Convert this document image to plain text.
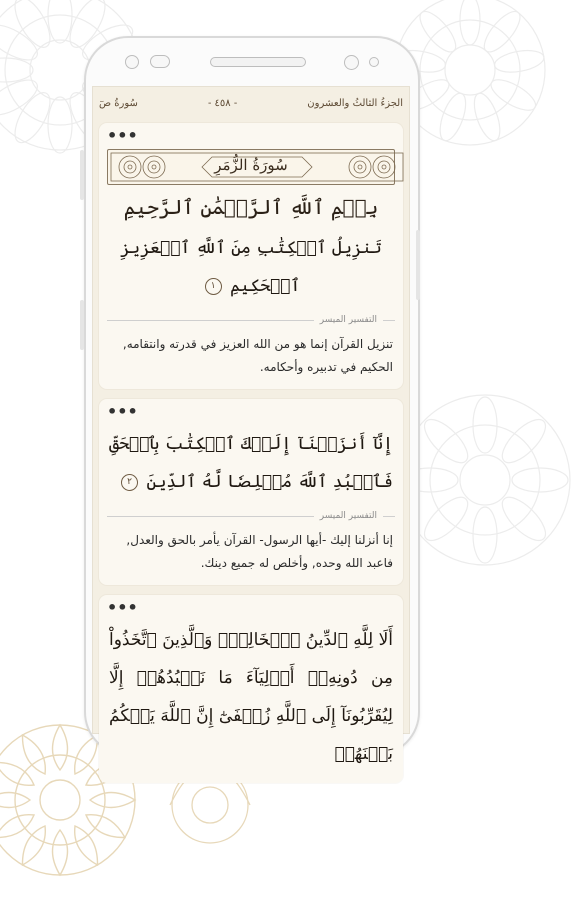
سُورةُ صٓ	- ٤٥٨ -	الجزءُ الثالثُ والعشرون
•••
سُورَةُ الزُّمَرِ
بِسۡمِ ٱللَّهِ ٱلرَّحۡمَٰنِ ٱلرَّحِيمِ
تَنزِيلُ ٱلۡكِتَٰبِ مِنَ ٱللَّهِ ٱلۡعَزِيزِ ٱلۡحَكِيمِ ١
التفسير الميسر
تنزيل القرآن إنما هو من الله العزيز في قدرته وانتقامه, الحكيم في تدبيره وأحكامه.
•••
إِنَّآ أَنزَلۡنَآ إِلَيۡكَ ٱلۡكِتَٰبَ بِٱلۡحَقِّ فَٱعۡبُدِ ٱللَّهَ مُخۡلِصٗا لَّهُ ٱلدِّينَ ٢
التفسير الميسر
إنا أنزلنا إليك -أيها الرسول- القرآن يأمر بالحق والعدل, فاعبد الله وحده, وأخلص له جميع دينك.
•••
أَلَا لِلَّهِ ٱلدِّينُ ٱلۡخَالِصُۚ وَٱلَّذِينَ ٱتَّخَذُواْ مِن دُونِهِۦٓ أَوۡلِيَآءَ مَا نَعۡبُدُهُمۡ إِلَّا لِيُقَرِّبُونَآ إِلَى ٱللَّهِ زُلۡفَىٰٓ إِنَّ ٱللَّهَ يَحۡكُمُ بَيۡنَهُمۡ
